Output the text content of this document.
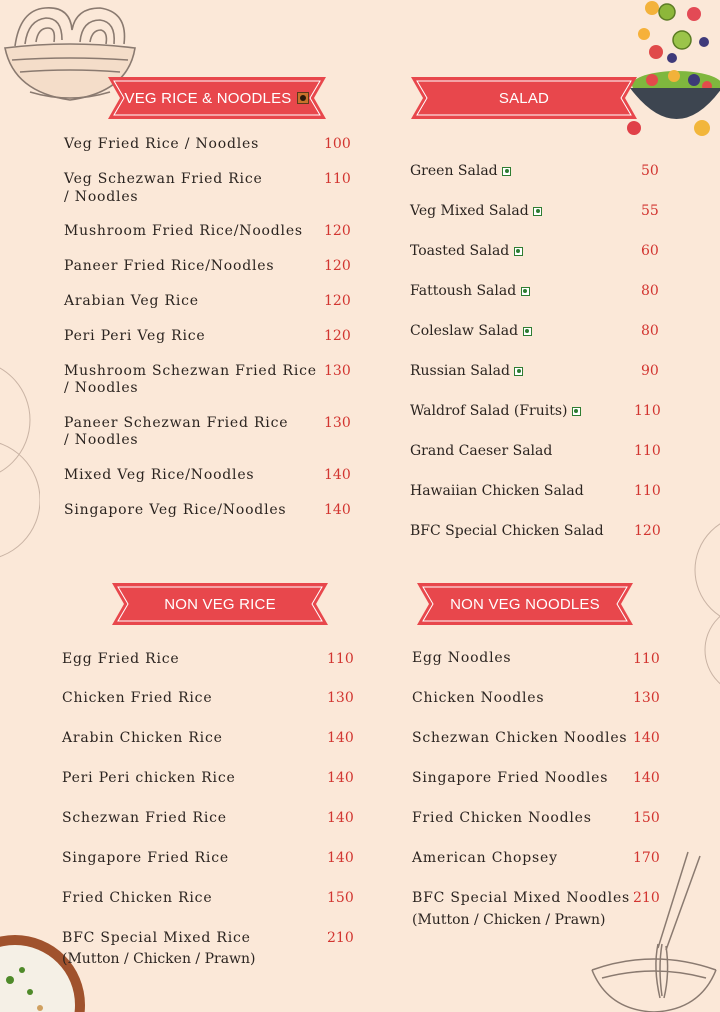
VEG RICE & NOODLES	SALAD
NON VEG RICE	NON VEG NOODLES
Veg Fried Rice / Noodles	100
Veg Schezwan Fried Rice
/ Noodles
110
Mushroom Fried Rice/Noodles 120
Paneer Fried Rice/Noodles	120
Arabian Veg Rice	120
Peri Peri Veg Rice	120
Mushroom Schezwan Fried Rice
/ Noodles
130
Paneer Schezwan Fried Rice
/ Noodles
130
Mixed Veg Rice/Noodles	140
Singapore Veg Rice/Noodles	140
Green Salad	50
Veg Mixed Salad	55
Toasted Salad	60
Fattoush Salad	80
Coleslaw Salad	80
Russian Salad	90
Waldrof Salad (Fruits)	110
Grand Caeser Salad	110
Hawaiian Chicken Salad	110
BFC Special Chicken Salad 120
Egg Fried Rice	110
Chicken Fried Rice	130
Arabin Chicken Rice	140
Peri Peri chicken Rice	140
Schezwan Fried Rice	140
Singapore Fried Rice	140
Fried Chicken Rice	150
BFC Special Mixed Rice
(Mutton / Chicken / Prawn)
210
Egg Noodles	110
Chicken Noodles	130
Schezwan Chicken Noodles 140
Singapore Fried Noodles 140
Fried Chicken Noodles	150
American Chopsey	170
BFC Special Mixed Noodles
(Mutton / Chicken / Prawn)
210
